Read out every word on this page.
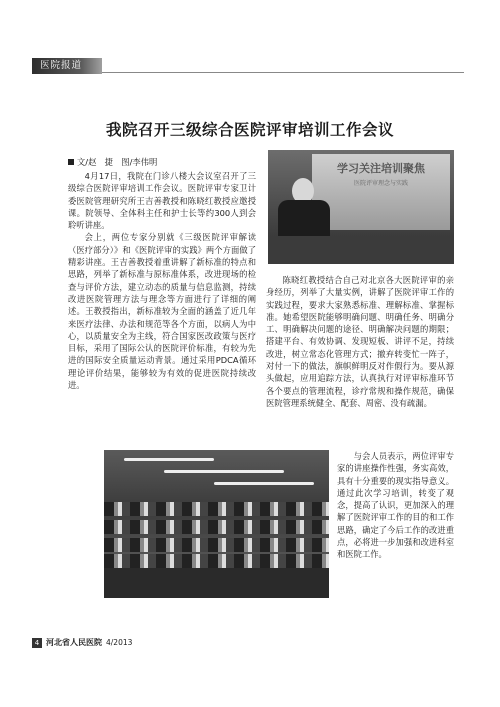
医院报道
我院召开三级综合医院评审培训工作会议
文/赵　捷　图/李伟明

4月17日，我院在门诊八楼大会议室召开了三级综合医院评审培训工作会议。医院评审专家卫计委医院管理研究所王吉善教授和陈晓红教授应邀授课。院领导、全体科主任和护士长等约300人到会聆听讲座。

会上，两位专家分别就《三级医院评审解读（医疗部分）》和《医院评审的实践》两个方面做了精彩讲座。王吉善教授着重讲解了新标准的特点和思路，列举了新标准与原标准体系，改进现场的检查与评价方法，建立动态的质量与信息监测，持续改进医院管理方法与理念等方面进行了详细的阐述。王教授指出，新标准较为全面的涵盖了近几年来医疗法律、办法和规范等各个方面，以病人为中心，以质量安全为主线，符合国家医改政策与医疗目标，采用了国际公认的医院评价标准，有较为先进的国际安全质量运动背景。通过采用PDCA循环理论评价结果，能够较为有效的促进医院持续改进。

学习关注培训聚焦
医院评审理念与实践

陈晓红教授结合自己对北京各大医院评审的亲身经历，列举了大量实例，讲解了医院评审工作的实践过程，要求大家熟悉标准、理解标准、掌握标准。她希望医院能够明确问题、明确任务、明确分工、明确解决问题的途径、明确解决问题的期限；搭建平台、有效协调、发现短板、讲评不足，持续改进，树立常态化管理方式；撤弃转变忙一阵子，对付一下的做法，旗帜鲜明反对作假行为。要从源头做起，应用追踪方法，认真执行对评审标准环节各个要点的管理流程，诊疗常规和操作规范，确保医院管理系统健全、配套、周密、没有疏漏。

与会人员表示，两位评审专家的讲座操作性强，务实高效，具有十分重要的现实指导意义。通过此次学习培训，转变了观念，提高了认识，更加深入的理解了医院评审工作的目的和工作思路，确定了今后工作的改进重点，必将进一步加强和改进科室和医院工作。

4 河北省人民医院 4/2013
